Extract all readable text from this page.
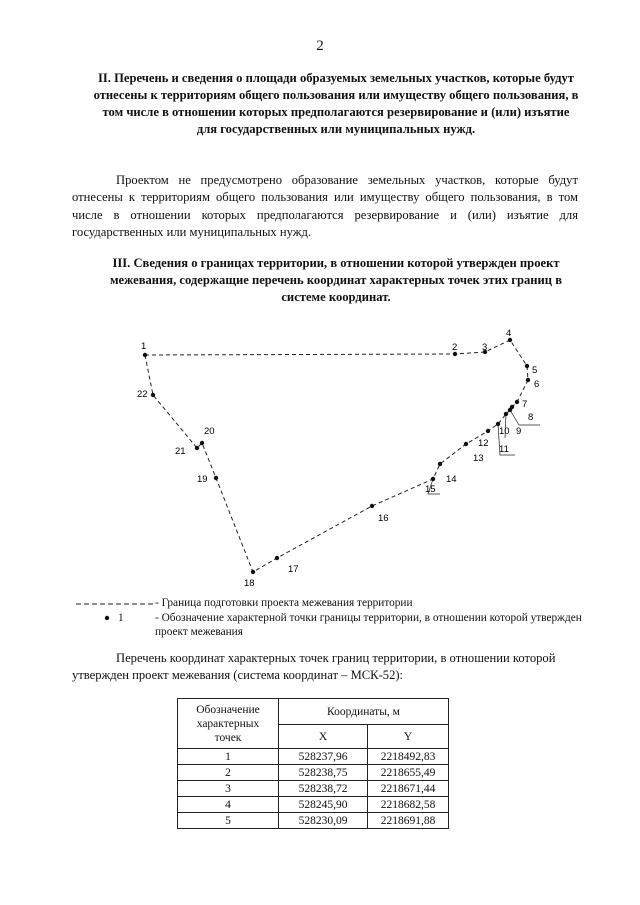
2
II. Перечень и сведения о площади образуемых земельных участков, которые будут отнесены к территориям общего пользования или имуществу общего пользования, в том числе в отношении которых предполагаются резервирование и (или) изъятие для государственных или муниципальных нужд.
Проектом не предусмотрено образование земельных участков, которые будут отнесены к территориям общего пользования или имуществу общего пользования, в том числе в отношении которых предполагаются резервирование и (или) изъятие для государственных или муниципальных нужд.
III. Сведения о границах территории, в отношении которой утвержден проект межевания, содержащие перечень координат характерных точек этих границ в системе координат.
1	2	3
4
5
6
7
8
9
10
11
12
13
14
15
16
17
18
19
20
21
22
- Граница подготовки проекта межевания территории
1	- Обозначение характерной точки границы территории, в отношении которой утвержден проект межевания
Перечень координат характерных точек границ территории, в отношении которой утвержден проект межевания (система координат – МСК-52):
Обозначение характерных точек	Координаты, м	
	X	Y
1	528237,96	2218492,83
2	528238,75	2218655,49
3	528238,72	2218671,44
4	528245,90	2218682,58
5	528230,09	2218691,88
